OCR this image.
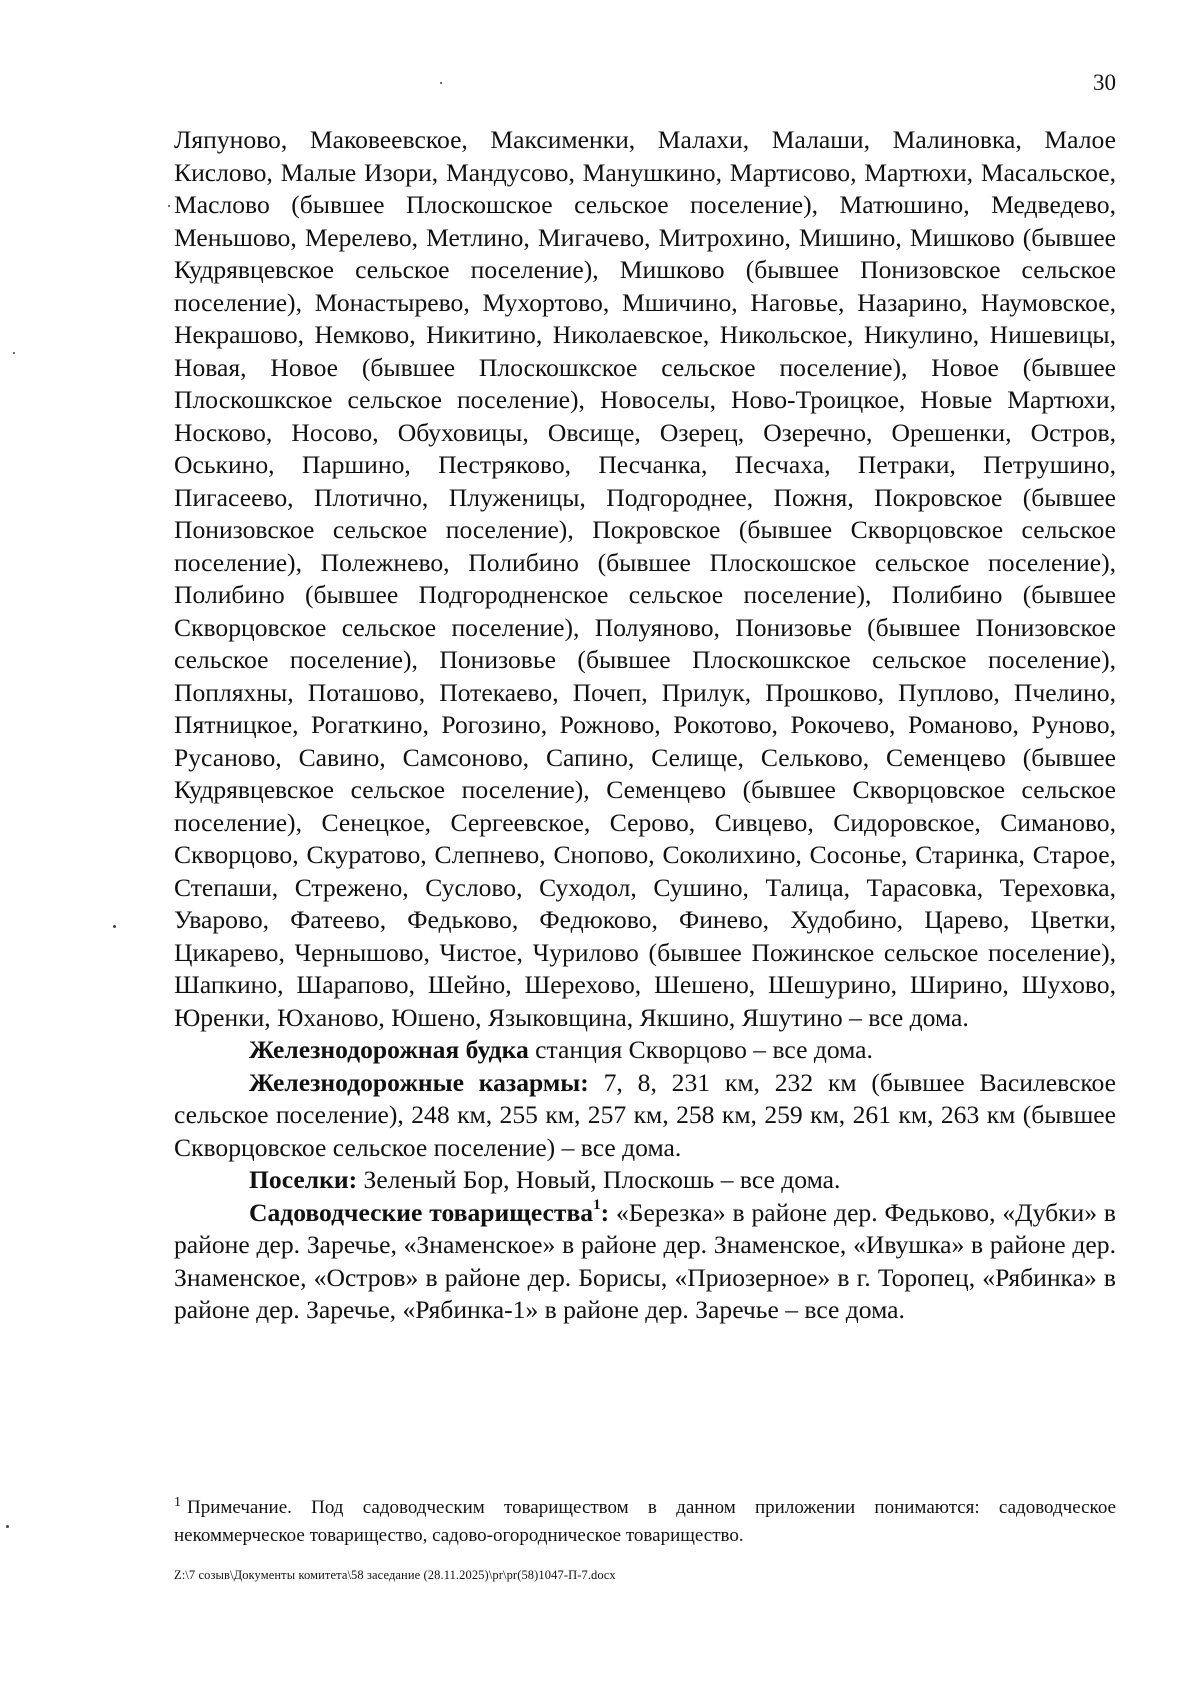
30

Ляпуново, Маковеевское, Максименки, Малахи, Малаши, Малиновка, Малое Кислово, Малые Изори, Мандусово, Манушкино, Мартисово, Мартюхи, Масальское, Маслово (бывшее Плоскошское сельское поселение), Матюшино, Медведево, Меньшово, Мерелево, Метлино, Мигачево, Митрохино, Мишино, Мишково (бывшее Кудрявцевское сельское поселение), Мишково (бывшее Понизовское сельское поселение), Монастырево, Мухортово, Мшичино, Наговье, Назарино, Наумовское, Некрашово, Немково, Никитино, Николаевское, Никольское, Никулино, Нишевицы, Новая, Новое (бывшее Плоскошкское сельское поселение), Новое (бывшее Плоскошкское сельское поселение), Новоселы, Ново-Троицкое, Новые Мартюхи, Носково, Носово, Обуховицы, Овсище, Озерец, Озеречно, Орешенки, Остров, Оськино, Паршино, Пестряково, Песчанка, Песчаха, Петраки, Петрушино, Пигасеево, Плотично, Плуженицы, Подгороднее, Пожня, Покровское (бывшее Понизовское сельское поселение), Покровское (бывшее Скворцовское сельское поселение), Полежнево, Полибино (бывшее Плоскошское сельское поселение), Полибино (бывшее Подгородненское сельское поселение), Полибино (бывшее Скворцовское сельское поселение), Полуяново, Понизовье (бывшее Понизовское сельское поселение), Понизовье (бывшее Плоскошкское сельское поселение), Попляхны, Поташово, Потекаево, Почеп, Прилук, Прошково, Пуплово, Пчелино, Пятницкое, Рогаткино, Рогозино, Рожново, Рокотово, Рокочево, Романово, Руново, Русаново, Савино, Самсоново, Сапино, Селище, Сельково, Семенцево (бывшее Кудрявцевское сельское поселение), Семенцево (бывшее Скворцовское сельское поселение), Сенецкое, Сергеевское, Серово, Сивцево, Сидоровское, Симаново, Скворцово, Скуратово, Слепнево, Снопово, Соколихино, Сосонье, Старинка, Старое, Степаши, Стрежено, Суслово, Суходол, Сушино, Талица, Тарасовка, Тереховка, Уварово, Фатеево, Федьково, Федюково, Финево, Худобино, Царево, Цветки, Цикарево, Чернышово, Чистое, Чурилово (бывшее Пожинское сельское поселение), Шапкино, Шарапово, Шейно, Шерехово, Шешено, Шешурино, Ширино, Шухово, Юренки, Юханово, Юшено, Языковщина, Якшино, Яшутино – все дома.

Железнодорожная будка станция Скворцово – все дома.

Железнодорожные казармы: 7, 8, 231 км, 232 км (бывшее Василевское сельское поселение), 248 км, 255 км, 257 км, 258 км, 259 км, 261 км, 263 км (бывшее Скворцовское сельское поселение) – все дома.

Поселки: Зеленый Бор, Новый, Плоскошь – все дома.

Садоводческие товарищества$^1$: «Березка» в районе дер. Федьково, «Дубки» в районе дер. Заречье, «Знаменское» в районе дер. Знаменское, «Ивушка» в районе дер. Знаменское, «Остров» в районе дер. Борисы, «Приозерное» в г. Торопец, «Рябинка» в районе дер. Заречье, «Рябинка-1» в районе дер. Заречье – все дома.

$^1$ Примечание. Под садоводческим товариществом в данном приложении понимаются: садоводческое некоммерческое товарищество, садово-огородническое товарищество.
Z:\7 созыв\Документы комитета\58 заседание (28.11.2025)\pr\pr(58)1047-П-7.docx
